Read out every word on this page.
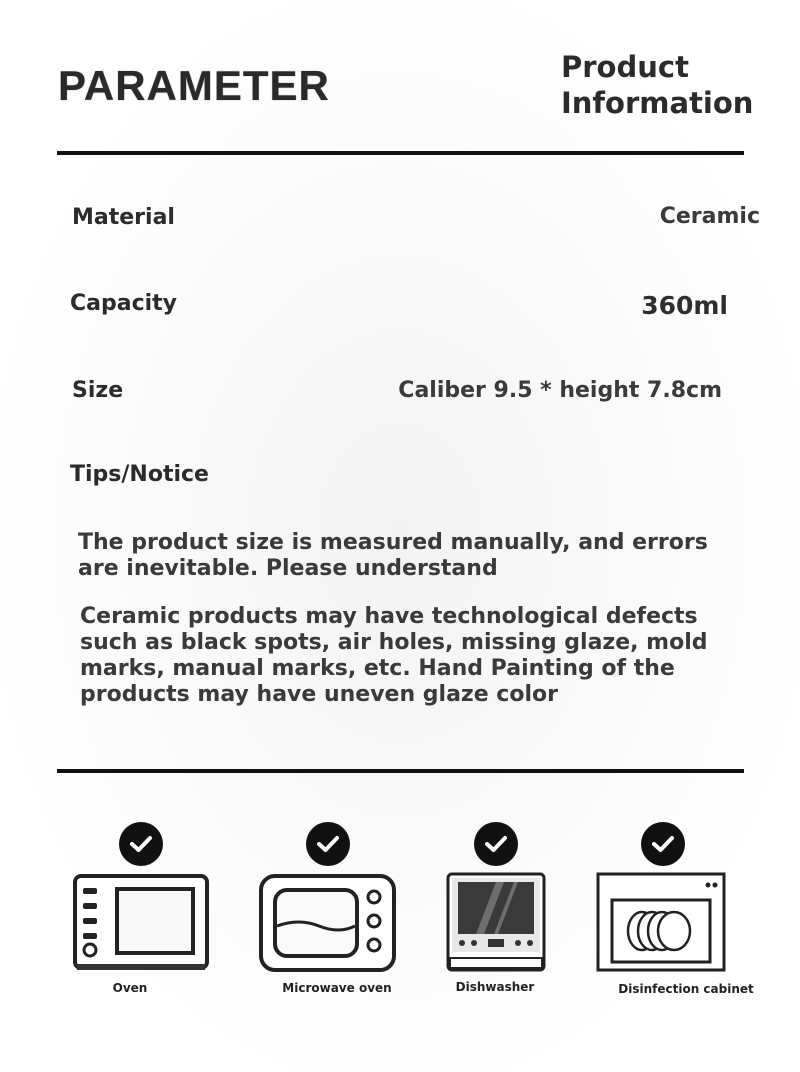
PARAMETER	Product
Information
Material	Ceramic
Capacity	360ml
Size	Caliber 9.5 * height 7.8cm
Tips/Notice
The product size is measured manually, and errors
are inevitable. Please understand
Ceramic products may have technological defects
such as black spots, air holes, missing glaze, mold
marks, manual marks, etc. Hand Painting of the
products may have uneven glaze color
Oven	Microwave oven	Dishwasher	Disinfection cabinet
